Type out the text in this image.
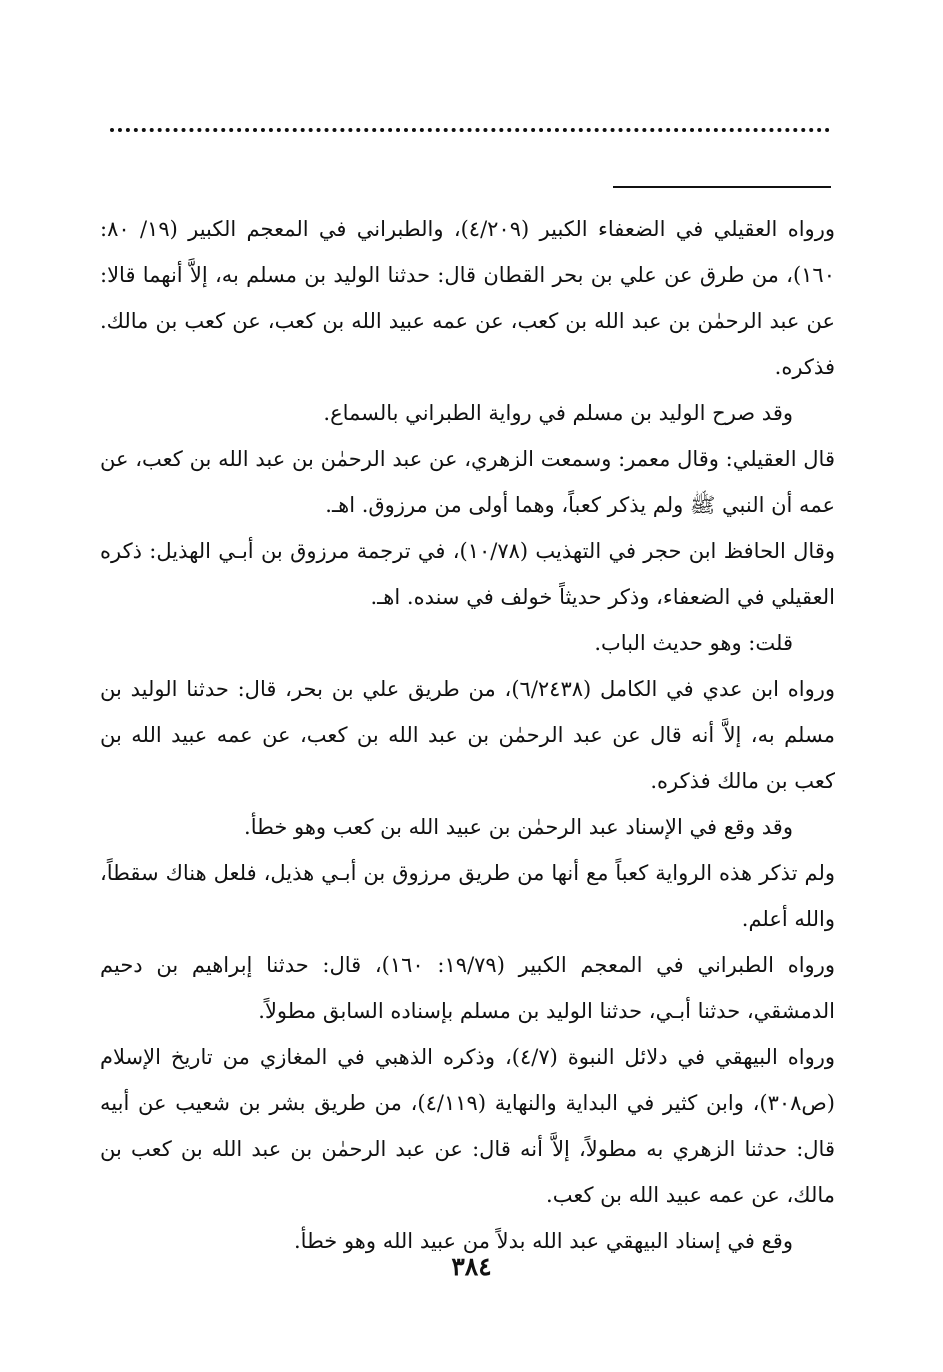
ورواه العقيلي في الضعفاء الكبير (٤/٢٠٩)، والطبراني في المعجم الكبير (١٩/ ٨٠: ١٦٠)، من طرق عن علي بن بحر القطان قال: حدثنا الوليد بن مسلم به، إلاَّ أنهما قالا: عن عبد الرحمٰن بن عبد الله بن كعب، عن عمه عبيد الله بن كعب، عن كعب بن مالك. فذكره.

وقد صرح الوليد بن مسلم في رواية الطبراني بالسماع.

قال العقيلي: وقال معمر: وسمعت الزهري، عن عبد الرحمٰن بن عبد الله بن كعب، عن عمه أن النبي ﷺ ولم يذكر كعباً، وهما أولى من مرزوق. اهـ.

وقال الحافظ ابن حجر في التهذيب (١٠/٧٨)، في ترجمة مرزوق بن أبـي الهذيل: ذكره العقيلي في الضعفاء، وذكر حديثاً خولف في سنده. اهـ.

قلت: وهو حديث الباب.

ورواه ابن عدي في الكامل (٦/٢٤٣٨)، من طريق علي بن بحر، قال: حدثنا الوليد بن مسلم به، إلاَّ أنه قال عن عبد الرحمٰن بن عبد الله بن كعب، عن عمه عبيد الله بن كعب بن مالك فذكره.

وقد وقع في الإسناد عبد الرحمٰن بن عبيد الله بن كعب وهو خطأ.

ولم تذكر هذه الرواية كعباً مع أنها من طريق مرزوق بن أبـي هذيل، فلعل هناك سقطاً، والله أعلم.

ورواه الطبراني في المعجم الكبير (١٩/٧٩: ١٦٠)، قال: حدثنا إبراهيم بن دحيم الدمشقي، حدثنا أبـي، حدثنا الوليد بن مسلم بإسناده السابق مطولاً.

ورواه البيهقي في دلائل النبوة (٤/٧)، وذكره الذهبي في المغازي من تاريخ الإسلام (ص٣٠٨)، وابن كثير في البداية والنهاية (٤/١١٩)، من طريق بشر بن شعيب عن أبيه قال: حدثنا الزهري به مطولاً، إلاَّ أنه قال: عن عبد الرحمٰن بن عبد الله بن كعب بن مالك، عن عمه عبيد الله بن كعب.

وقع في إسناد البيهقي عبد الله بدلاً من عبيد الله وهو خطأ.

٣٨٤
